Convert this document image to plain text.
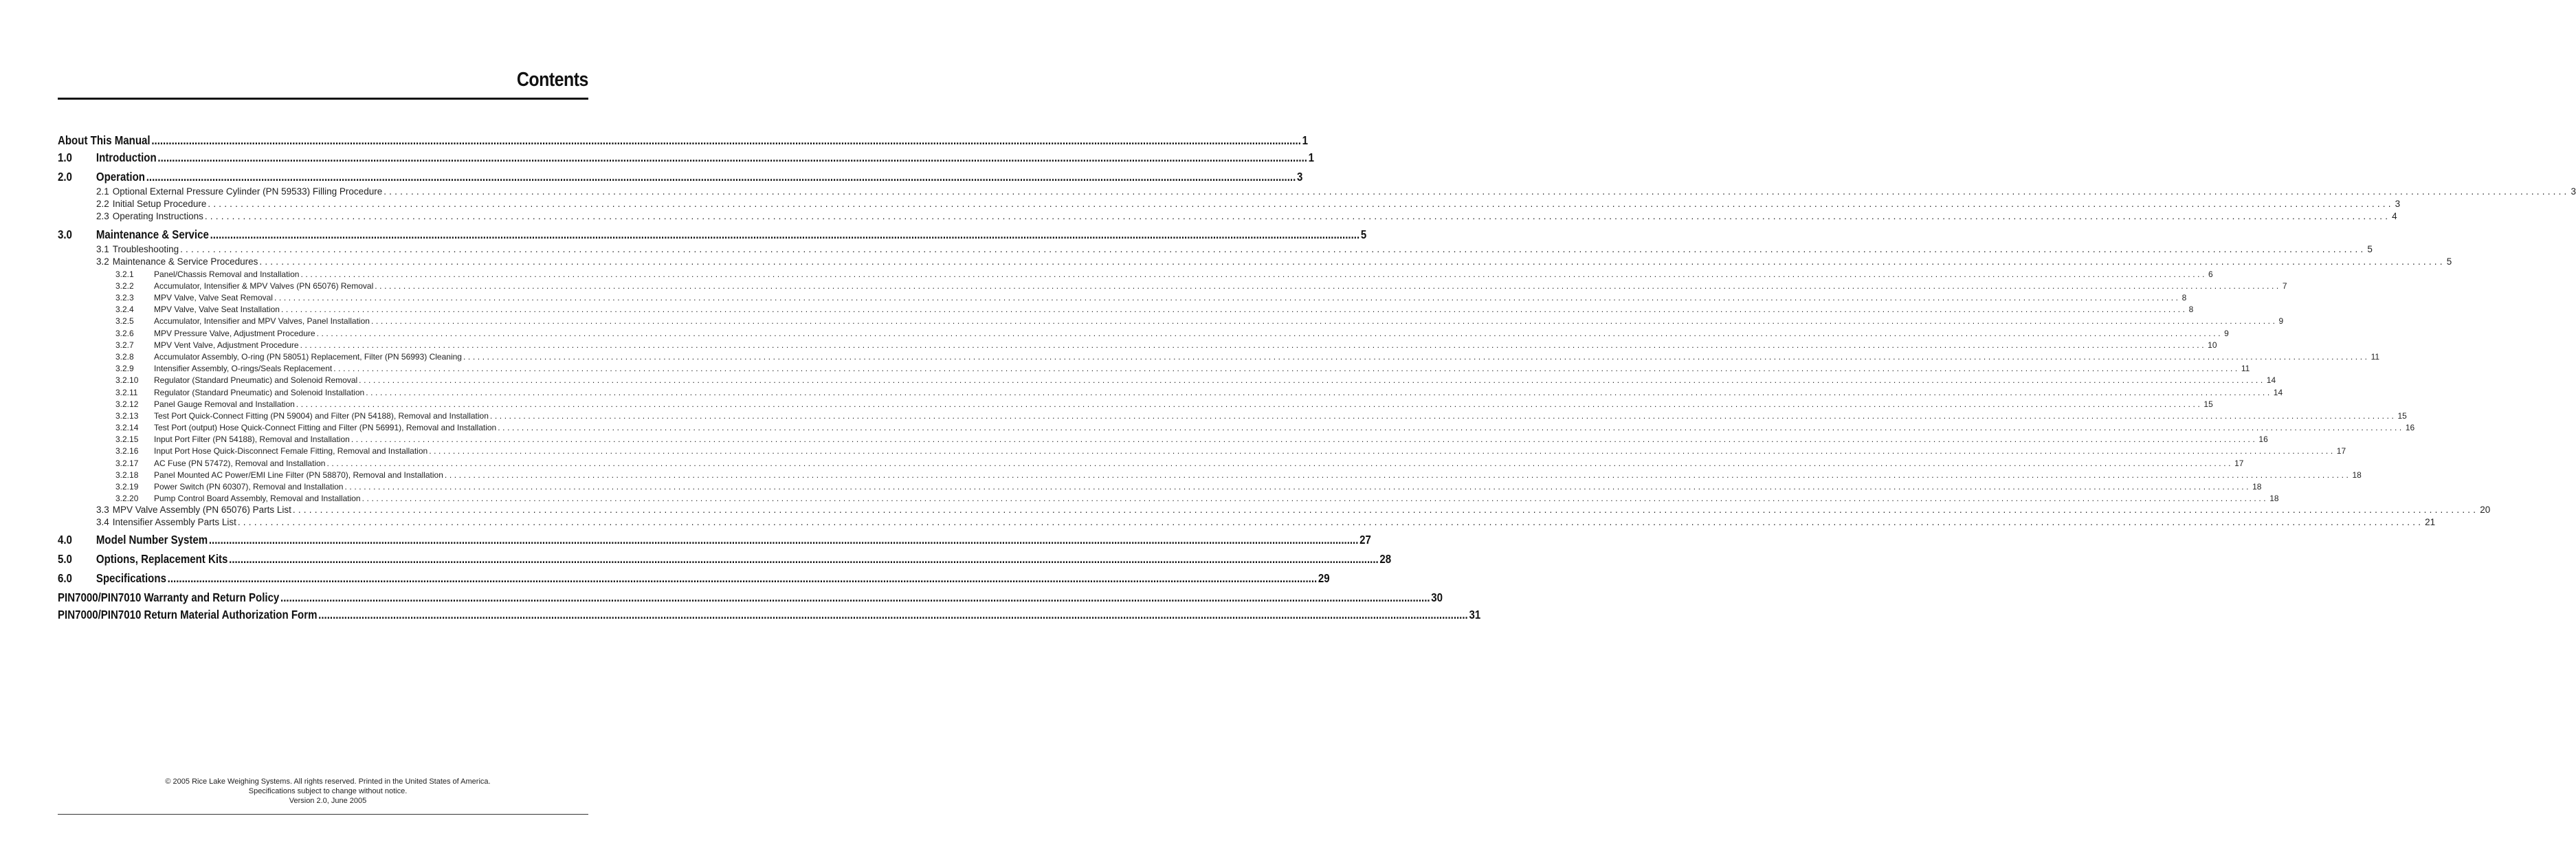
Contents
About This Manual ................................................................................................................................................................................................................................................................................................................................................................................................................ 1
1.0	Introduction ................................................................................................................................................................................................................................................................................................................................................................................................................ 1
2.0	Operation ................................................................................................................................................................................................................................................................................................................................................................................................................ 3
2.1 Optional External Pressure Cylinder (PN 59533) Filling Procedure ................................................................................................................................................................................................................................................................................................................................................................................................................ 3
2.2 Initial Setup Procedure ................................................................................................................................................................................................................................................................................................................................................................................................................ 3
2.3 Operating Instructions ................................................................................................................................................................................................................................................................................................................................................................................................................ 4
3.0	Maintenance & Service ................................................................................................................................................................................................................................................................................................................................................................................................................ 5
3.1 Troubleshooting ................................................................................................................................................................................................................................................................................................................................................................................................................ 5
3.2 Maintenance & Service Procedures ................................................................................................................................................................................................................................................................................................................................................................................................................ 5
3.2.1	Panel/Chassis Removal and Installation ................................................................................................................................................................................................................................................................................................................................................................................................................ 6
3.2.2	Accumulator, Intensifier & MPV Valves (PN 65076) Removal ................................................................................................................................................................................................................................................................................................................................................................................................................ 7
3.2.3	MPV Valve, Valve Seat Removal ................................................................................................................................................................................................................................................................................................................................................................................................................ 8
3.2.4	MPV Valve, Valve Seat Installation ................................................................................................................................................................................................................................................................................................................................................................................................................ 8
3.2.5	Accumulator, Intensifier and MPV Valves, Panel Installation ................................................................................................................................................................................................................................................................................................................................................................................................................ 9
3.2.6	MPV Pressure Valve, Adjustment Procedure ................................................................................................................................................................................................................................................................................................................................................................................................................ 9
3.2.7	MPV Vent Valve, Adjustment Procedure ................................................................................................................................................................................................................................................................................................................................................................................................................ 10
3.2.8	Accumulator Assembly, O-ring (PN 58051) Replacement, Filter (PN 56993) Cleaning ................................................................................................................................................................................................................................................................................................................................................................................................................ 11
3.2.9	Intensifier Assembly, O-rings/Seals Replacement ................................................................................................................................................................................................................................................................................................................................................................................................................ 11
3.2.10	Regulator (Standard Pneumatic) and Solenoid Removal ................................................................................................................................................................................................................................................................................................................................................................................................................ 14
3.2.11	Regulator (Standard Pneumatic) and Solenoid Installation ................................................................................................................................................................................................................................................................................................................................................................................................................ 14
3.2.12	Panel Gauge Removal and Installation ................................................................................................................................................................................................................................................................................................................................................................................................................ 15
3.2.13	Test Port Quick-Connect Fitting (PN 59004) and Filter (PN 54188), Removal and Installation ................................................................................................................................................................................................................................................................................................................................................................................................................ 15
3.2.14	Test Port (output) Hose Quick-Connect Fitting and Filter (PN 56991), Removal and Installation ................................................................................................................................................................................................................................................................................................................................................................................................................ 16
3.2.15	Input Port Filter (PN 54188), Removal and Installation ................................................................................................................................................................................................................................................................................................................................................................................................................ 16
3.2.16	Input Port Hose Quick-Disconnect Female Fitting, Removal and Installation ................................................................................................................................................................................................................................................................................................................................................................................................................ 17
3.2.17	AC Fuse (PN 57472), Removal and Installation ................................................................................................................................................................................................................................................................................................................................................................................................................ 17
3.2.18	Panel Mounted AC Power/EMI Line Filter (PN 58870), Removal and Installation ................................................................................................................................................................................................................................................................................................................................................................................................................ 18
3.2.19	Power Switch (PN 60307), Removal and Installation ................................................................................................................................................................................................................................................................................................................................................................................................................ 18
3.2.20	Pump Control Board Assembly, Removal and Installation ................................................................................................................................................................................................................................................................................................................................................................................................................ 18
3.3 MPV Valve Assembly (PN 65076) Parts List ................................................................................................................................................................................................................................................................................................................................................................................................................ 20
3.4 Intensifier Assembly Parts List ................................................................................................................................................................................................................................................................................................................................................................................................................ 21
4.0	Model Number System ................................................................................................................................................................................................................................................................................................................................................................................................................ 27
5.0	Options, Replacement Kits ................................................................................................................................................................................................................................................................................................................................................................................................................ 28
6.0	Specifications ................................................................................................................................................................................................................................................................................................................................................................................................................ 29
PIN7000/PIN7010 Warranty and Return Policy ................................................................................................................................................................................................................................................................................................................................................................................................................ 30
PIN7000/PIN7010 Return Material Authorization Form ................................................................................................................................................................................................................................................................................................................................................................................................................ 31
© 2005 Rice Lake Weighing Systems. All rights reserved. Printed in the United States of America.
Specifications subject to change without notice.
Version 2.0, June 2005
